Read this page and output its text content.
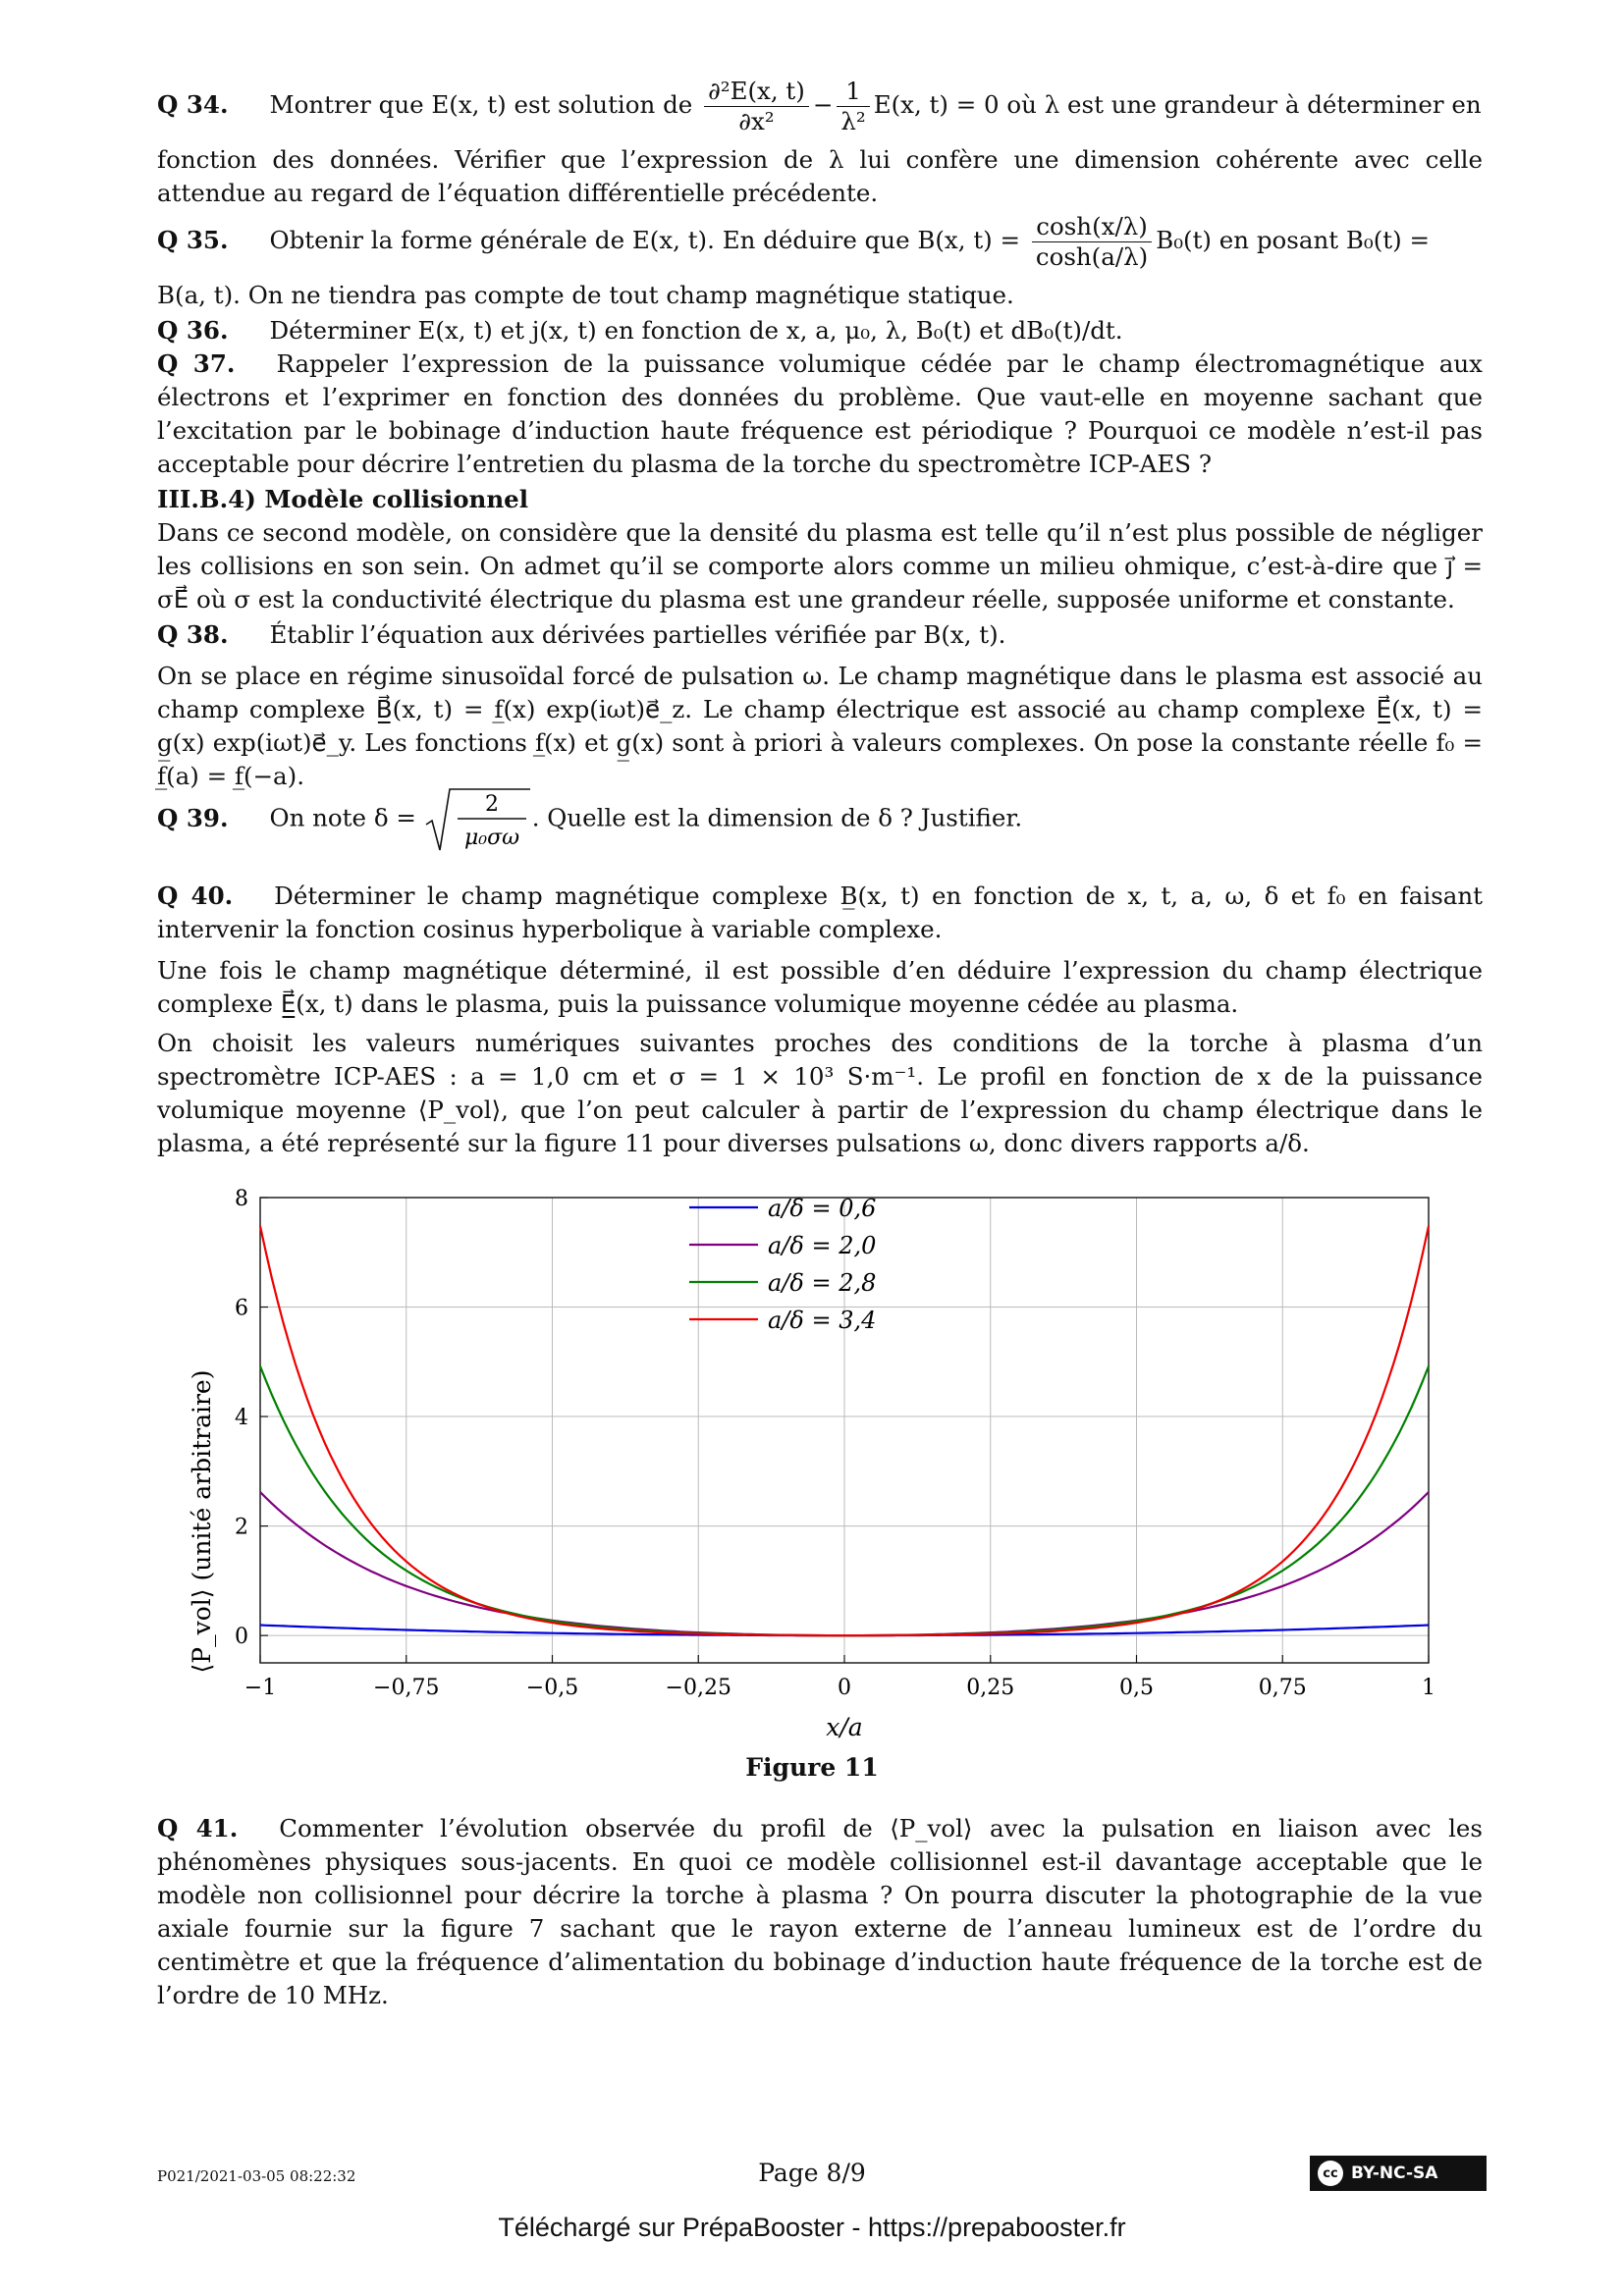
Q 34. Montrer que E(x, t) est solution de $\frac{\text{∂²E(x, t)}}{\text{∂x²}} - \frac{1}{\text{λ²}} E(x$, t) = 0 où λ est une grandeur à déterminer en
fonction des données. Vérifier que l’expression de λ lui confère une dimension cohérente avec celle attendue au regard de l’équation différentielle précédente.
Q 35. Obtenir la forme générale de E(x, t). En déduire que B(x, $t) = \frac{\cosh(x/\lambda)}{\cosh(a/\lambda)} B_0(t)$ en posant B₀(t) =
B(a, t). On ne tiendra pas compte de tout champ magnétique statique.
Q 36. Déterminer E(x, t) et j(x, t) en fonction de x, a, μ₀, λ, B₀(t) et dB₀(t)/dt.
Q 37. Rappeler l’expression de la puissance volumique cédée par le champ électromagnétique aux électrons et l’exprimer en fonction des données du problème. Que vaut-elle en moyenne sachant que l’excitation par le bobinage d’induction haute fréquence est périodique ? Pourquoi ce modèle n’est-il pas acceptable pour décrire l’entretien du plasma de la torche du spectromètre ICP-AES ?
III.B.4) Modèle collisionnel
Dans ce second modèle, on considère que la densité du plasma est telle qu’il n’est plus possible de négliger les collisions en son sein. On admet qu’il se comporte alors comme un milieu ohmique, c’est-à-dire que j⃗ = σE⃗ où σ est la conductivité électrique du plasma est une grandeur réelle, supposée uniforme et constante.
Q 38. Établir l’équation aux dérivées partielles vérifiée par B(x, t).
On se place en régime sinusoïdal forcé de pulsation ω. Le champ magnétique dans le plasma est associé au champ complexe B̲⃗(x, t) = f̲(x) exp(iωt)e⃗_z. Le champ électrique est associé au champ complexe E̲⃗(x, t) = g̲(x) exp(iωt)e⃗_y. Les fonctions f̲(x) et g̲(x) sont à priori à valeurs complexes. On pose la constante réelle f₀ = f̲(a) = f̲(−a).
Q 39. On note δ =	2
μ₀σω
. Quelle est la dimension de δ ? Justifier.
Q 40. Déterminer le champ magnétique complexe B̲(x, t) en fonction de x, t, a, ω, δ et f₀ en faisant intervenir la fonction cosinus hyperbolique à variable complexe.
Une fois le champ magnétique déterminé, il est possible d’en déduire l’expression du champ électrique complexe E̲⃗(x, t) dans le plasma, puis la puissance volumique moyenne cédée au plasma.
On choisit les valeurs numériques suivantes proches des conditions de la torche à plasma d’un spectromètre ICP-AES : a = 1,0 cm et σ = 1 × 10³ S·m⁻¹. Le profil en fonction de x de la puissance volumique moyenne ⟨P_vol⟩, que l’on peut calculer à partir de l’expression du champ électrique dans le plasma, a été représenté sur la figure 11 pour diverses pulsations ω, donc divers rapports a/δ.
Q 41. Commenter l’évolution observée du profil de ⟨P_vol⟩ avec la pulsation en liaison avec les phénomènes physiques sous-jacents. En quoi ce modèle collisionnel est-il davantage acceptable que le modèle non collisionnel pour décrire la torche à plasma ? On pourra discuter la photographie de la vue axiale fournie sur la figure 7 sachant que le rayon externe de l’anneau lumineux est de l’ordre du centimètre et que la fréquence d’alimentation du bobinage d’induction haute fréquence de la torche est de l’ordre de 10 MHz.
−1	−0,75	−0,5	−0,25	0	0,25	0,5	0,75	1
0
2
4
6
8	a/δ = 0,6
a/δ = 2,0
a/δ = 2,8
a/δ = 3,4
x/a
⟨P_vol⟩ (unité arbitraire)
Figure 11
P021/2021-03-05 08:22:32	Page 8/9	cc BY-NC-SA
Téléchargé sur PrépaBooster - https://prepabooster.fr
